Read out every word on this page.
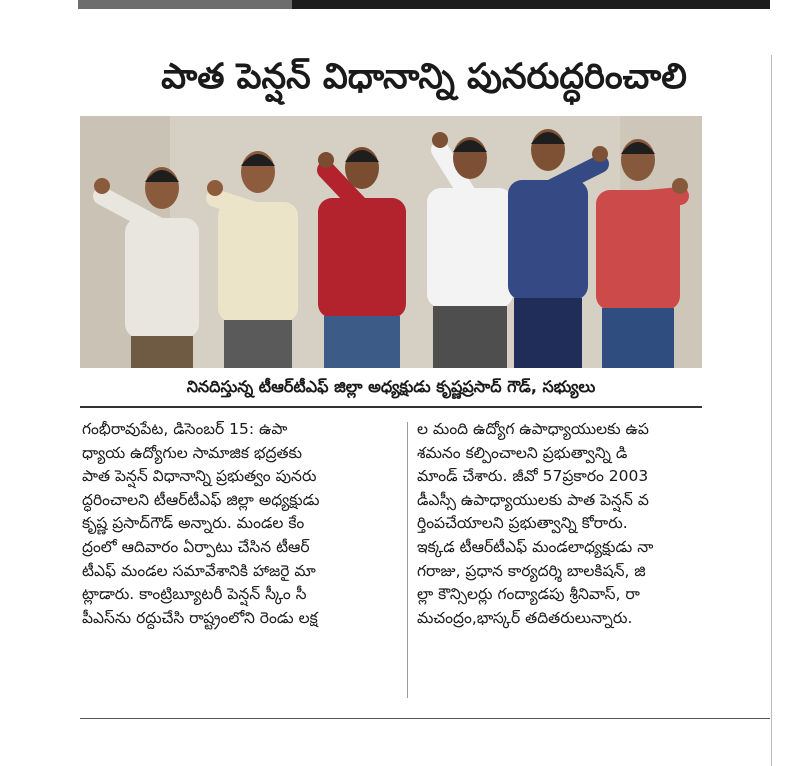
పాత పెన్షన్ విధానాన్ని పునరుద్ధరించాలి
నినదిస్తున్న టీఆర్‌టీఎఫ్ జిల్లా అధ్యక్షుడు కృష్ణప్రసాద్ గౌడ్, సభ్యులు

గంభీరావుపేట, డిసెంబర్ 15: ఉపా

ధ్యాయ ఉద్యోగుల సామాజిక భద్రతకు

పాత పెన్షన్ విధానాన్ని ప్రభుత్వం పునరు

ద్ధరించాలని టీఆర్‌టీఎఫ్ జిల్లా అధ్యక్షుడు

కృష్ణ ప్రసాద్‌గౌడ్ అన్నారు. మండల కేం

ద్రంలో ఆదివారం ఏర్పాటు చేసిన టీఆర్

టీఎఫ్ మండల సమావేశానికి హాజరై మా

ట్లాడారు. కాంట్రిబ్యూటరీ పెన్షన్ స్కీం సీ

పీఎస్‌ను రద్దుచేసి రాష్ట్రంలోని రెండు లక్ష

ల మంది ఉద్యోగ ఉపాధ్యాయులకు ఉప

శమనం కల్పించాలని ప్రభుత్వాన్ని డి

మాండ్ చేశారు. జీవో 57ప్రకారం 2003

డీఎస్సీ ఉపాధ్యాయులకు పాత పెన్షన్ వ

ర్తింపచేయాలని ప్రభుత్వాన్ని కోరారు.

ఇక్కడ టీఆర్‌టీఎఫ్ మండలాధ్యక్షుడు నా

గరాజు, ప్రధాన కార్యదర్శి బాలకిషన్, జి

ల్లా కౌన్సిలర్లు గంద్యాడపు శ్రీనివాస్, రా

మచంద్రం,భాస్కర్ తదితరులున్నారు.
